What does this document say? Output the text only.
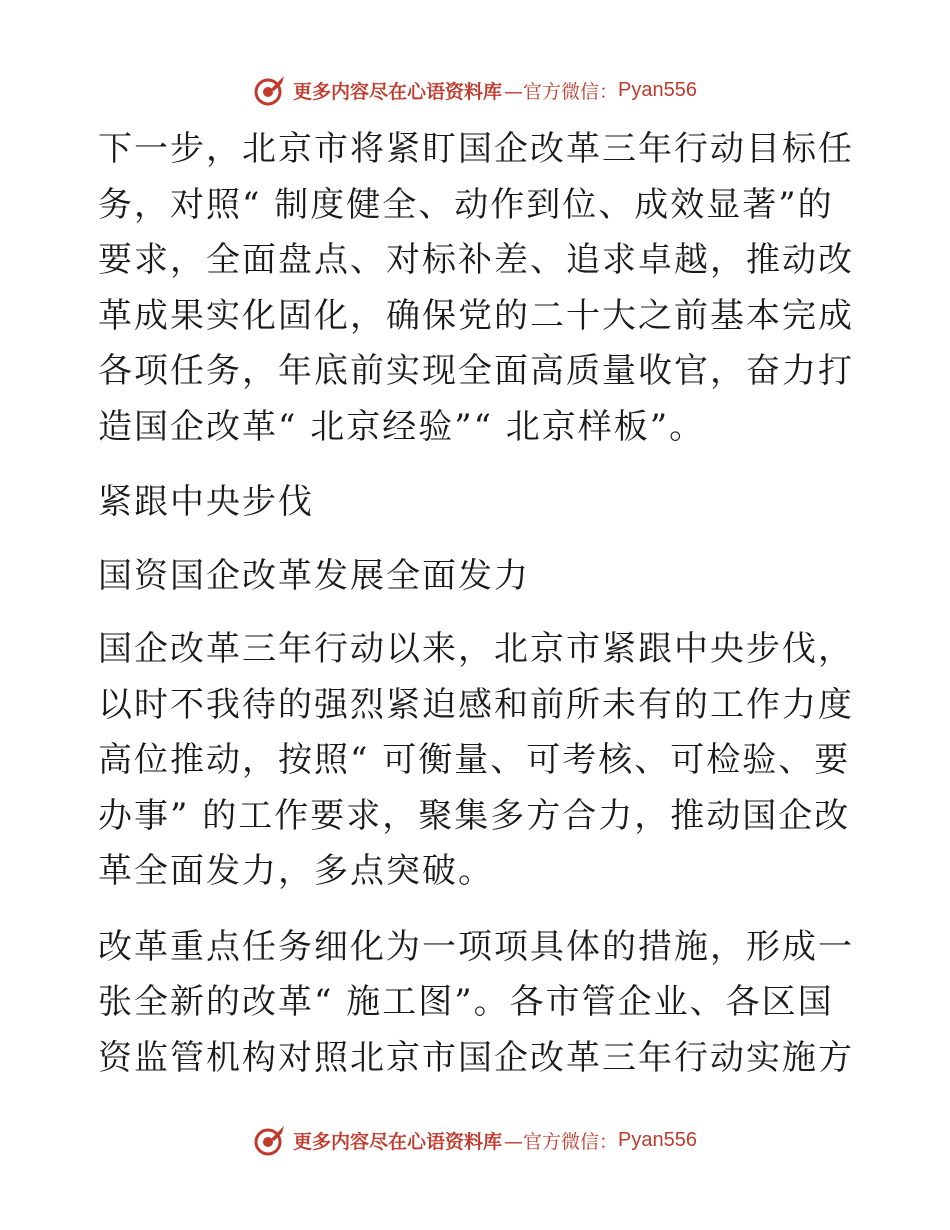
更多内容尽在心语资料库 —官方微信： Pyan556

下一步，北京市将紧盯国企改革三年行动目标任务，对照“ 制度健全、动作到位、成效显著”的要求，全面盘点、对标补差、追求卓越，推动改革成果实化固化，确保党的二十大之前基本完成各项任务，年底前实现全面高质量收官，奋力打造国企改革“ 北京经验”“ 北京样板”。

紧跟中央步伐

国资国企改革发展全面发力

国企改革三年行动以来，北京市紧跟中央步伐，以时不我待的强烈紧迫感和前所未有的工作力度高位推动，按照“ 可衡量、可考核、可检验、要办事” 的工作要求，聚集多方合力，推动国企改革全面发力，多点突破。

改革重点任务细化为一项项具体的措施，形成一张全新的改革“ 施工图”。各市管企业、各区国资监管机构对照北京市国企改革三年行动实施方

更多内容尽在心语资料库 —官方微信： Pyan556
